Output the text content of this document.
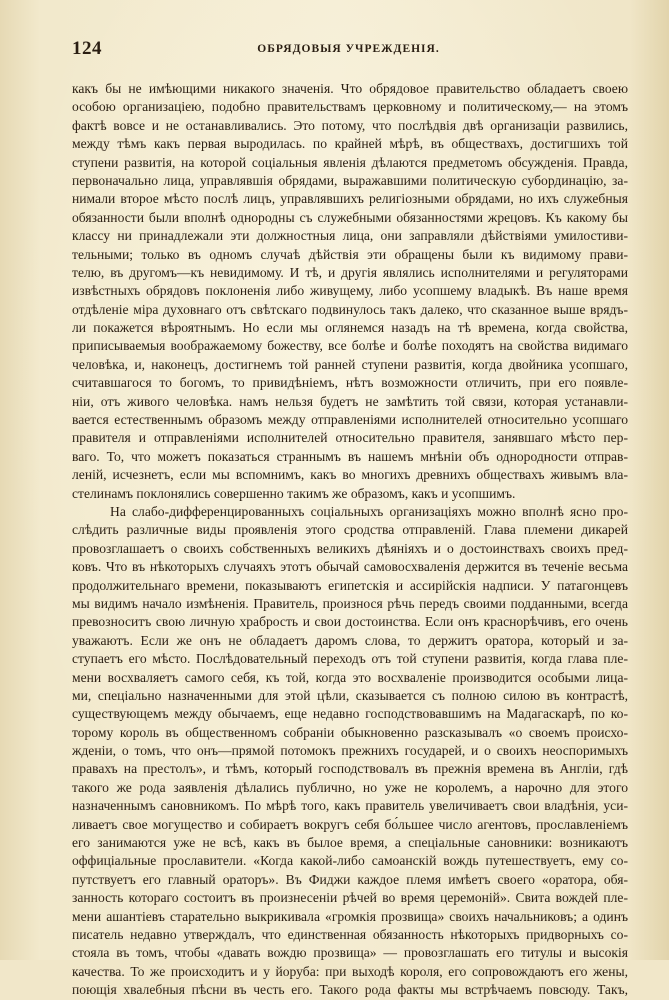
124	ОБРЯДОВЫЯ УЧРЕЖДЕНІЯ.
какъ бы не имѣющими никакого значенія. Что обрядовое правительство обладаетъ своею
особою организаціею, подобно правительствамъ церковному и политическому,— на этомъ
фактѣ вовсе и не останавливались. Это потому, что послѣдвія двѣ организаціи развились,
между тѣмъ какъ первая выродилась. по крайней мѣрѣ, въ обществахъ, достигшихъ той
ступени развитія, на которой соціальныя явленія дѣлаются предметомъ обсужденія. Правда,
первоначально лица, управлявшія обрядами, выражавшими политическую субординацію, за-
нимали второе мѣсто послѣ лицъ, управлявшихъ религіозными обрядами, но ихъ служебныя
обязанности были вполнѣ однородны съ служебными обязанностями жрецовъ. Къ какому бы
классу ни принадлежали эти должностныя лица, они заправляли дѣйствіями умилостиви-
тельными; только въ одномъ случаѣ дѣйствія эти обращены были къ видимому прави-
телю, въ другомъ—къ невидимому. И тѣ, и другія являлись исполнителями и регуляторами
извѣстныхъ обрядовъ поклоненія либо живущему, либо усопшему владыкѣ. Въ наше время
отдѣленіе міра духовнаго отъ свѣтскаго подвинулось такъ далеко, что сказанное выше врядъ-
ли покажется вѣроятнымъ. Но если мы оглянемся назадъ на тѣ времена, когда свойства,
приписываемыя воображаемому божеству, все болѣе и болѣе походятъ на свойства видимаго
человѣка, и, наконецъ, достигнемъ той ранней ступени развитія, когда двойника усопшаго,
считавшагося то богомъ, то привидѣніемъ, нѣтъ возможности отличить, при его появле-
ніи, отъ живого человѣка. намъ нельзя будетъ не замѣтить той связи, которая устанавли-
вается естественнымъ образомъ между отправленіями исполнителей относительно усопшаго
правителя и отправленіями исполнителей относительно правителя, занявшаго мѣсто пер-
ваго. То, что можетъ показаться страннымъ въ нашемъ мнѣніи объ однородности отправ-
леній, исчезнетъ, если мы вспомнимъ, какъ во многихъ древнихъ обществахъ живымъ вла-
стелинамъ поклонялись совершенно такимъ же образомъ, какъ и усопшимъ.
На слабо-дифференцированныхъ соціальныхъ организаціяхъ можно вполнѣ ясно про-
слѣдить различные виды проявленія этого сродства отправленій. Глава племени дикарей
провозглашаетъ о своихъ собственныхъ великихъ дѣяніяхъ и о достоинствахъ своихъ пред-
ковъ. Что въ нѣкоторыхъ случаяхъ этотъ обычай самовосхваленія держится въ теченіе весьма
продолжительнаго времени, показываютъ египетскія и ассирійскія надписи. У патагонцевъ
мы видимъ начало измѣненія. Правитель, произнося рѣчь передъ своими подданными, всегда
превозноситъ свою личную храбрость и свои достоинства. Если онъ краснорѣчивъ, его очень
уважаютъ. Если же онъ не обладаетъ даромъ слова, то держитъ оратора, который и за-
ступаетъ его мѣсто. Послѣдовательный переходъ отъ той ступени развитія, когда глава пле-
мени восхваляетъ самого себя, къ той, когда это восхваленіе производится особыми лица-
ми, спеціально назначенными для этой цѣли, сказывается съ полною силою въ контрастѣ,
существующемъ между обычаемъ, еще недавно господствовавшимъ на Мадагаскарѣ, по ко-
торому король въ общественномъ собраніи обыкновенно разсказывалъ «о своемъ происхо-
жденіи, о томъ, что онъ—прямой потомокъ прежнихъ государей, и о своихъ неоспоримыхъ
правахъ на престолъ», и тѣмъ, который господствовалъ въ прежнія времена въ Англіи, гдѣ
такого же рода заявленія дѣлались публично, но уже не королемъ, а нарочно для этого
назначеннымъ сановникомъ. По мѣрѣ того, какъ правитель увеличиваетъ свои владѣнія, уси-
ливаетъ свое могущество и собираетъ вокругъ себя бо́льшее число агентовъ, прославленіемъ
его занимаются уже не всѣ, какъ въ былое время, а спеціальные сановники: возникаютъ
оффиціальные прославители. «Когда какой-либо самоанскій вождь путешествуетъ, ему со-
путствуетъ его главный ораторъ». Въ Фиджи каждое племя имѣетъ своего «оратора, обя-
занность котораго состоитъ въ произнесеніи рѣчей во время церемоній». Свита вождей пле-
мени ашантіевъ старательно выкрикивала «громкія прозвища» своихъ начальниковъ; а одинъ
писатель недавно утверждалъ, что единственная обязанность нѣкоторыхъ придворныхъ со-
стояла въ томъ, чтобы «давать вождю прозвища» — провозглашать его титулы и высокія
качества. То же происходитъ и у йоруба: при выходѣ короля, его сопровождаютъ его жены,
поющія хвалебныя пѣсни въ честь его. Такого рода факты мы встрѣчаемъ повсюду. Такъ,
